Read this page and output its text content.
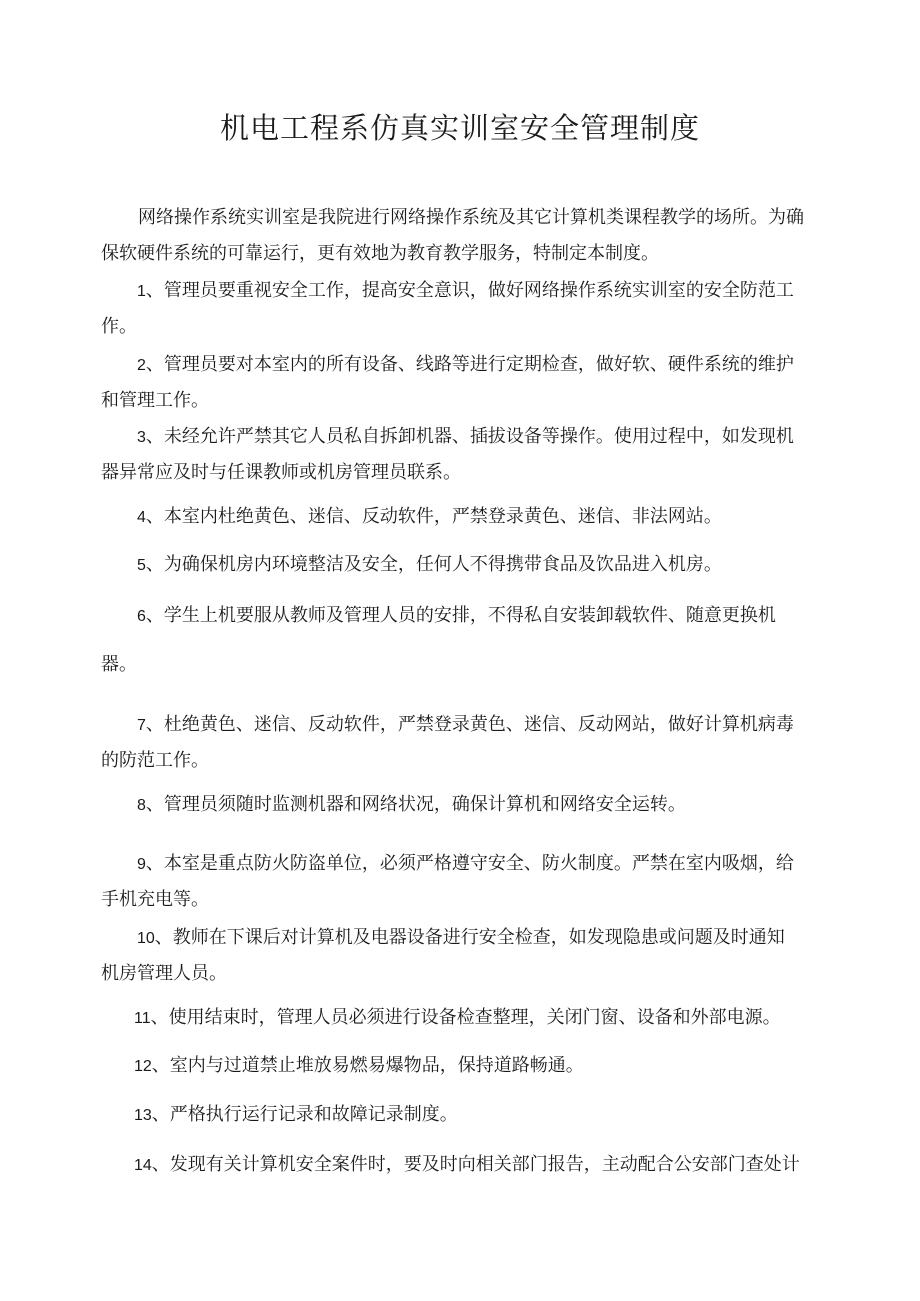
机电工程系仿真实训室安全管理制度

网络操作系统实训室是我院进行网络操作系统及其它计算机类课程教学的场所。为确

保软硬件系统的可靠运行，更有效地为教育教学服务，特制定本制度。

1、管理员要重视安全工作，提高安全意识，做好网络操作系统实训室的安全防范工

作。

2、管理员要对本室内的所有设备、线路等进行定期检查，做好软、硬件系统的维护

和管理工作。

3、未经允许严禁其它人员私自拆卸机器、插拔设备等操作。使用过程中，如发现机

器异常应及时与任课教师或机房管理员联系。

4、本室内杜绝黄色、迷信、反动软件，严禁登录黄色、迷信、非法网站。

5、为确保机房内环境整洁及安全，任何人不得携带食品及饮品进入机房。

6、学生上机要服从教师及管理人员的安排，不得私自安装卸载软件、随意更换机

器。

7、杜绝黄色、迷信、反动软件，严禁登录黄色、迷信、反动网站，做好计算机病毒

的防范工作。

8、管理员须随时监测机器和网络状况，确保计算机和网络安全运转。

9、本室是重点防火防盗单位，必须严格遵守安全、防火制度。严禁在室内吸烟，给

手机充电等。

10、教师在下课后对计算机及电器设备进行安全检查，如发现隐患或问题及时通知

机房管理人员。

11、使用结束时，管理人员必须进行设备检查整理，关闭门窗、设备和外部电源。

12、室内与过道禁止堆放易燃易爆物品，保持道路畅通。

13、严格执行运行记录和故障记录制度。

14、发现有关计算机安全案件时，要及时向相关部门报告，主动配合公安部门查处计
